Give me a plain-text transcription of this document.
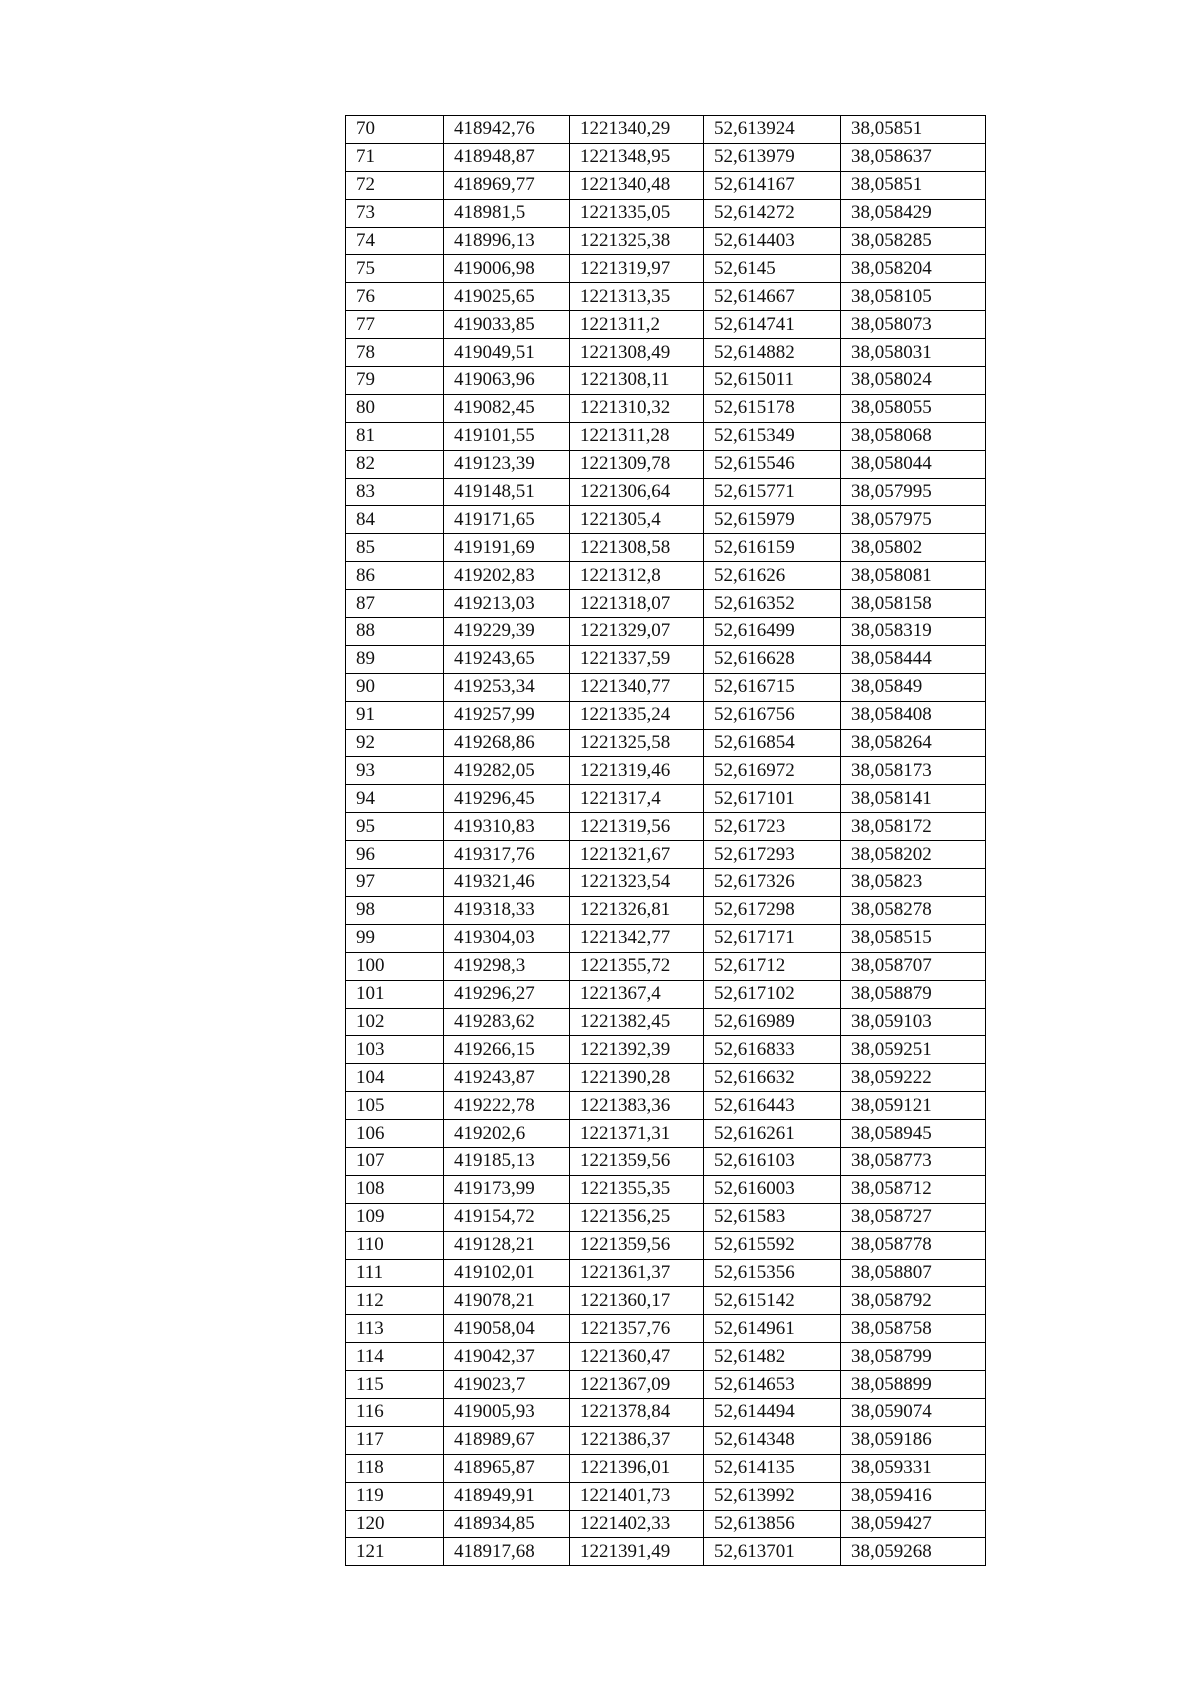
70	418942,76	1221340,29	52,613924	38,05851
71	418948,87	1221348,95	52,613979	38,058637
72	418969,77	1221340,48	52,614167	38,05851
73	418981,5	1221335,05	52,614272	38,058429
74	418996,13	1221325,38	52,614403	38,058285
75	419006,98	1221319,97	52,6145	38,058204
76	419025,65	1221313,35	52,614667	38,058105
77	419033,85	1221311,2	52,614741	38,058073
78	419049,51	1221308,49	52,614882	38,058031
79	419063,96	1221308,11	52,615011	38,058024
80	419082,45	1221310,32	52,615178	38,058055
81	419101,55	1221311,28	52,615349	38,058068
82	419123,39	1221309,78	52,615546	38,058044
83	419148,51	1221306,64	52,615771	38,057995
84	419171,65	1221305,4	52,615979	38,057975
85	419191,69	1221308,58	52,616159	38,05802
86	419202,83	1221312,8	52,61626	38,058081
87	419213,03	1221318,07	52,616352	38,058158
88	419229,39	1221329,07	52,616499	38,058319
89	419243,65	1221337,59	52,616628	38,058444
90	419253,34	1221340,77	52,616715	38,05849
91	419257,99	1221335,24	52,616756	38,058408
92	419268,86	1221325,58	52,616854	38,058264
93	419282,05	1221319,46	52,616972	38,058173
94	419296,45	1221317,4	52,617101	38,058141
95	419310,83	1221319,56	52,61723	38,058172
96	419317,76	1221321,67	52,617293	38,058202
97	419321,46	1221323,54	52,617326	38,05823
98	419318,33	1221326,81	52,617298	38,058278
99	419304,03	1221342,77	52,617171	38,058515
100	419298,3	1221355,72	52,61712	38,058707
101	419296,27	1221367,4	52,617102	38,058879
102	419283,62	1221382,45	52,616989	38,059103
103	419266,15	1221392,39	52,616833	38,059251
104	419243,87	1221390,28	52,616632	38,059222
105	419222,78	1221383,36	52,616443	38,059121
106	419202,6	1221371,31	52,616261	38,058945
107	419185,13	1221359,56	52,616103	38,058773
108	419173,99	1221355,35	52,616003	38,058712
109	419154,72	1221356,25	52,61583	38,058727
110	419128,21	1221359,56	52,615592	38,058778
111	419102,01	1221361,37	52,615356	38,058807
112	419078,21	1221360,17	52,615142	38,058792
113	419058,04	1221357,76	52,614961	38,058758
114	419042,37	1221360,47	52,61482	38,058799
115	419023,7	1221367,09	52,614653	38,058899
116	419005,93	1221378,84	52,614494	38,059074
117	418989,67	1221386,37	52,614348	38,059186
118	418965,87	1221396,01	52,614135	38,059331
119	418949,91	1221401,73	52,613992	38,059416
120	418934,85	1221402,33	52,613856	38,059427
121	418917,68	1221391,49	52,613701	38,059268
